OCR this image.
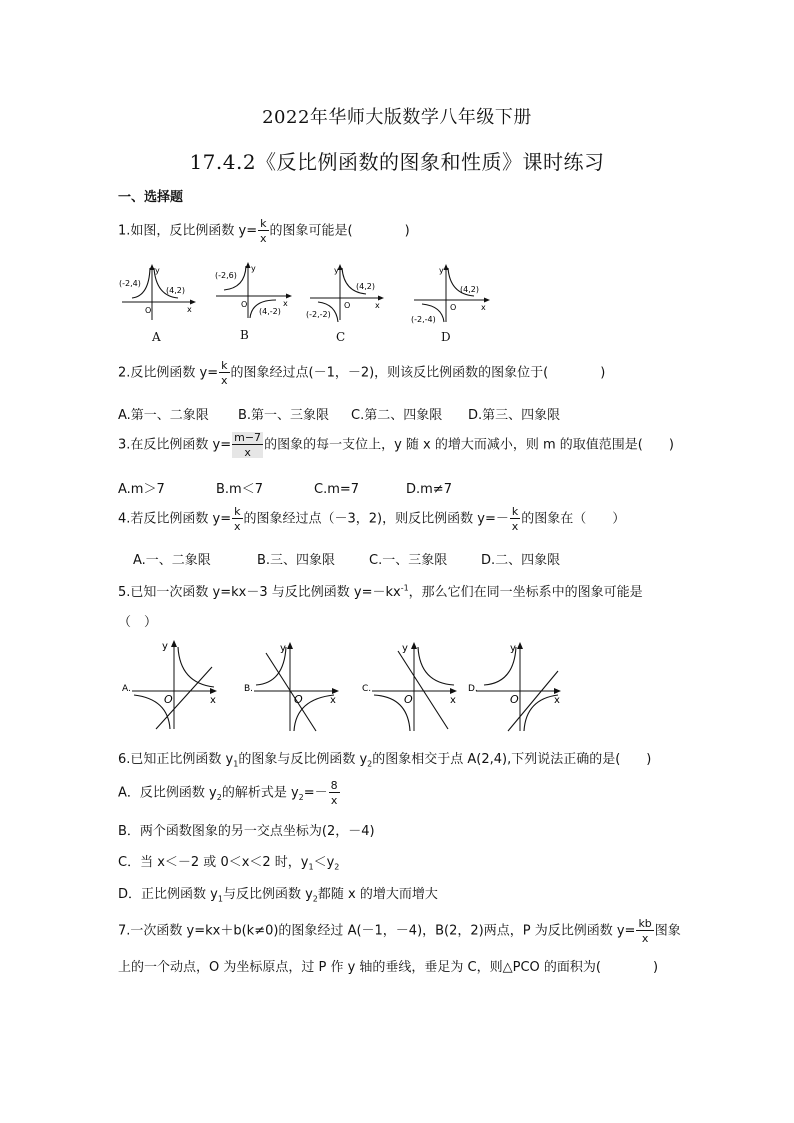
2022年华师大版数学八年级下册
17.4.2《反比例函数的图象和性质》课时练习
一、选择题
1.如图，反比例函数 $y= \frac{k}{x}$ 的图象可能是(　　　　)
y
x
O
(-2,4)
(4,2)
A
y
x
O
(-2,6)
(4,-2)
B
y
x
O
(-2,-2)
(4,2)
C
y
x
O
(-2,-4)
(4,2)
D
2.反比例函数 $y= \frac{k}{x}$ 的图象经过点(－1，－2)，则该反比例函数的图象位于(　　　　)
A.第一、二象限 B.第一、三象限 C.第二、四象限 D.第三、四象限
3.在反比例函数 $y= \frac{m-7}{x}$ 的图象的每一支位上，y 随 x 的增大而减小，则 m 的取值范围是(　　)
A.m＞7	B.m＜7	C.m=7	D.m≠7
4.若反比例函数 $y= \frac{k}{x}$ 的图象经过点（－3，2)，则反比例函数 $y=- \frac{k}{x}$ 的图象在（　　）
A.一、二象限	B.三、四象限	C.一、三象限	D.二、四象限
5.已知一次函数 y=kx－3 与反比例函数 $y=-kx^{-1}$，那么它们在同一坐标系中的图象可能是
（　）
y
x
O
A.
y
x
O
B.
y
x
O
C.
y
x
O
D.
6.已知正比例函数 $y_1$的图象与反比例函数 $y_2$的图象相交于点 A(2,4),下列说法正确的是(　　)
A．反比例函数 $y_2$的解析式是 $y_2=- \frac{8}{x}$
B．两个函数图象的另一交点坐标为(2，－4)
C．当 x＜－2 或 0＜x＜2 时，$y_1<y_2$
D．正比例函数 $y_1$与反比例函数 $y_2$都随 x 的增大而增大
7.一次函数 y=kx＋b(k≠0)的图象经过 A(－1，－4)，B(2，2)两点，P 为反比例函数 $y= \frac{kb}{x}$ 图象
上的一个动点，O 为坐标原点，过 P 作 y 轴的垂线，垂足为 C，则△PCO 的面积为(　　　　)
